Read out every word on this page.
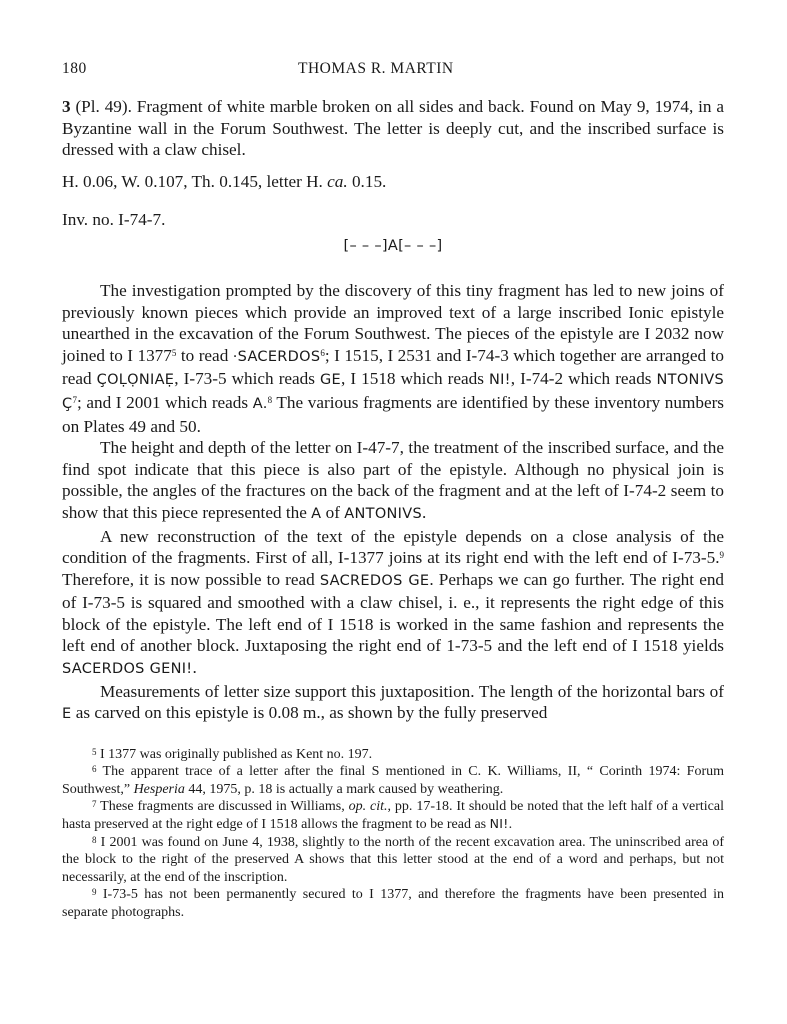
180	THOMAS R. MARTIN

3 (Pl. 49). Fragment of white marble broken on all sides and back. Found on May 9, 1974, in a Byzantine wall in the Forum Southwest. The letter is deeply cut, and the inscribed surface is dressed with a claw chisel.

H. 0.06, W. 0.107, Th. 0.145, letter H. ca. 0.15.

Inv. no. I-74-7.

[– – –]A[– – –]

The investigation prompted by the discovery of this tiny fragment has led to new joins of previously known pieces which provide an improved text of a large inscribed Ionic epistyle unearthed in the excavation of the Forum Southwest. The pieces of the epistyle are I 2032 now joined to I 1377$^5$ to read $\cdot SACERDOS^6$; I 1515, I 2531 and I-74-3 which together are arranged to read ÇOḶỌNIAẸ, I-73-5 which reads GE, I 1518 which reads NI!, I-74-2 which reads NTONIVS $Ç^7$; and I 2001 which reads A.$^8$ The various fragments are identified by these inventory numbers on Plates 49 and 50.

The height and depth of the letter on I-47-7, the treatment of the inscribed surface, and the find spot indicate that this piece is also part of the epistyle. Although no physical join is possible, the angles of the fractures on the back of the fragment and at the left of I-74-2 seem to show that this piece represented the A of ANTONIVS.

A new reconstruction of the text of the epistyle depends on a close analysis of the condition of the fragments. First of all, I-1377 joins at its right end with the left end of I-73-5.$^9$ Therefore, it is now possible to read SACREDOS GE. Perhaps we can go further. The right end of I-73-5 is squared and smoothed with a claw chisel, i. e., it represents the right edge of this block of the epistyle. The left end of I 1518 is worked in the same fashion and represents the left end of another block. Juxtaposing the right end of 1-73-5 and the left end of I 1518 yields SACERDOS GENI!.

Measurements of letter size support this juxtaposition. The length of the horizontal bars of E as carved on this epistyle is 0.08 m., as shown by the fully preserved

$^5$ I 1377 was originally published as Kent no. 197.

$^6$ The apparent trace of a letter after the final S mentioned in C. K. Williams, II, “ Corinth 1974: Forum Southwest,” Hesperia 44, 1975, p. 18 is actually a mark caused by weathering.

$^7$ These fragments are discussed in Williams, op. cit., pp. 17-18. It should be noted that the left half of a vertical hasta preserved at the right edge of I 1518 allows the fragment to be read as NI!.

$^8$ I 2001 was found on June 4, 1938, slightly to the north of the recent excavation area. The uninscribed area of the block to the right of the preserved A shows that this letter stood at the end of a word and perhaps, but not necessarily, at the end of the inscription.

$^9$ I-73-5 has not been permanently secured to I 1377, and therefore the fragments have been presented in separate photographs.
